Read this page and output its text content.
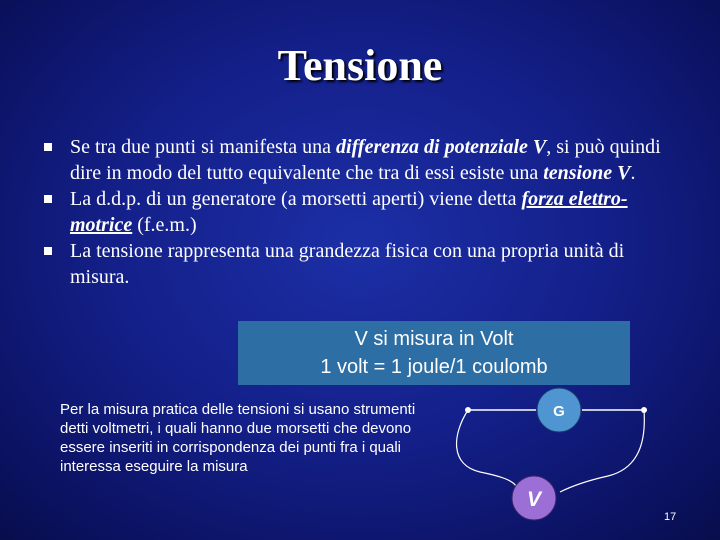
Tensione
Se tra due punti si manifesta una differenza di potenziale V, si può quindi dire in modo del tutto equivalente che tra di essi esiste una tensione V.
La d.d.p. di un generatore (a morsetti aperti) viene detta forza elettro-motrice (f.e.m.)
La tensione rappresenta una grandezza fisica con una propria unità di misura.
V si misura in Volt
1 volt = 1 joule/1 coulomb
Per la misura pratica delle tensioni si usano strumenti detti voltmetri, i quali hanno due morsetti che devono essere inseriti in corrispondenza dei punti fra i quali interessa eseguire la misura
G
V
17
